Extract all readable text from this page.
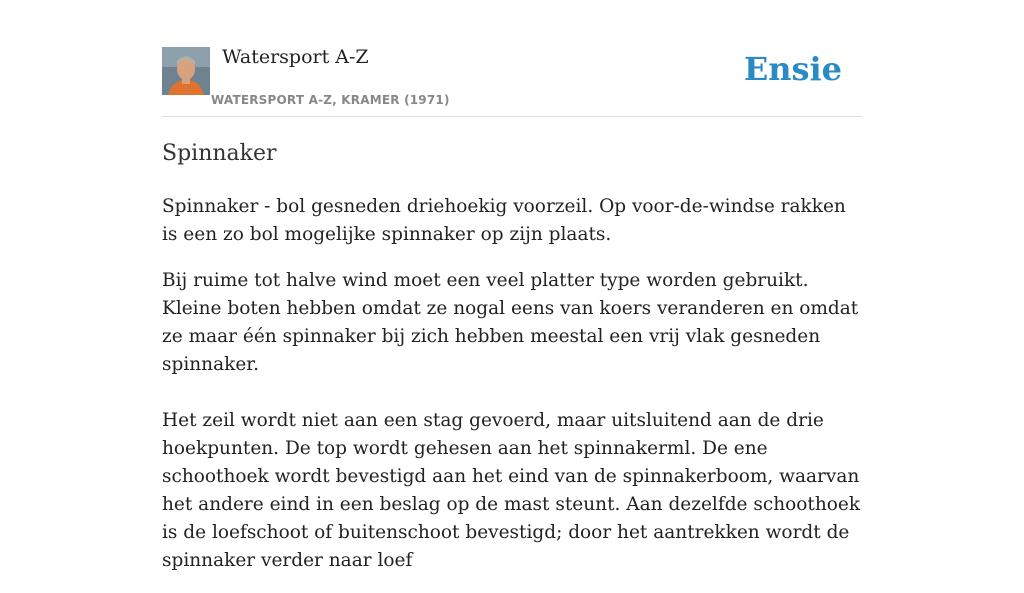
Watersport A-Z
WATERSPORT A-Z, KRAMER (1971)
Ensie
Spinnaker

Spinnaker - bol gesneden driehoekig voorzeil. Op voor-de-windse rakken is een zo bol mogelijke spinnaker op zijn plaats.

Bij ruime tot halve wind moet een veel platter type worden gebruikt. Kleine boten hebben omdat ze nogal eens van koers veranderen en omdat ze maar één spinnaker bij zich hebben meestal een vrij vlak gesneden spinnaker.

Het zeil wordt niet aan een stag gevoerd, maar uitsluitend aan de drie hoekpunten. De top wordt gehesen aan het spinnakerml. De ene schoothoek wordt bevestigd aan het eind van de spinnakerboom, waarvan het andere eind in een beslag op de mast steunt. Aan dezelfde schoothoek is de loefschoot of buitenschoot bevestigd; door het aantrekken wordt de spinnaker verder naar loef
